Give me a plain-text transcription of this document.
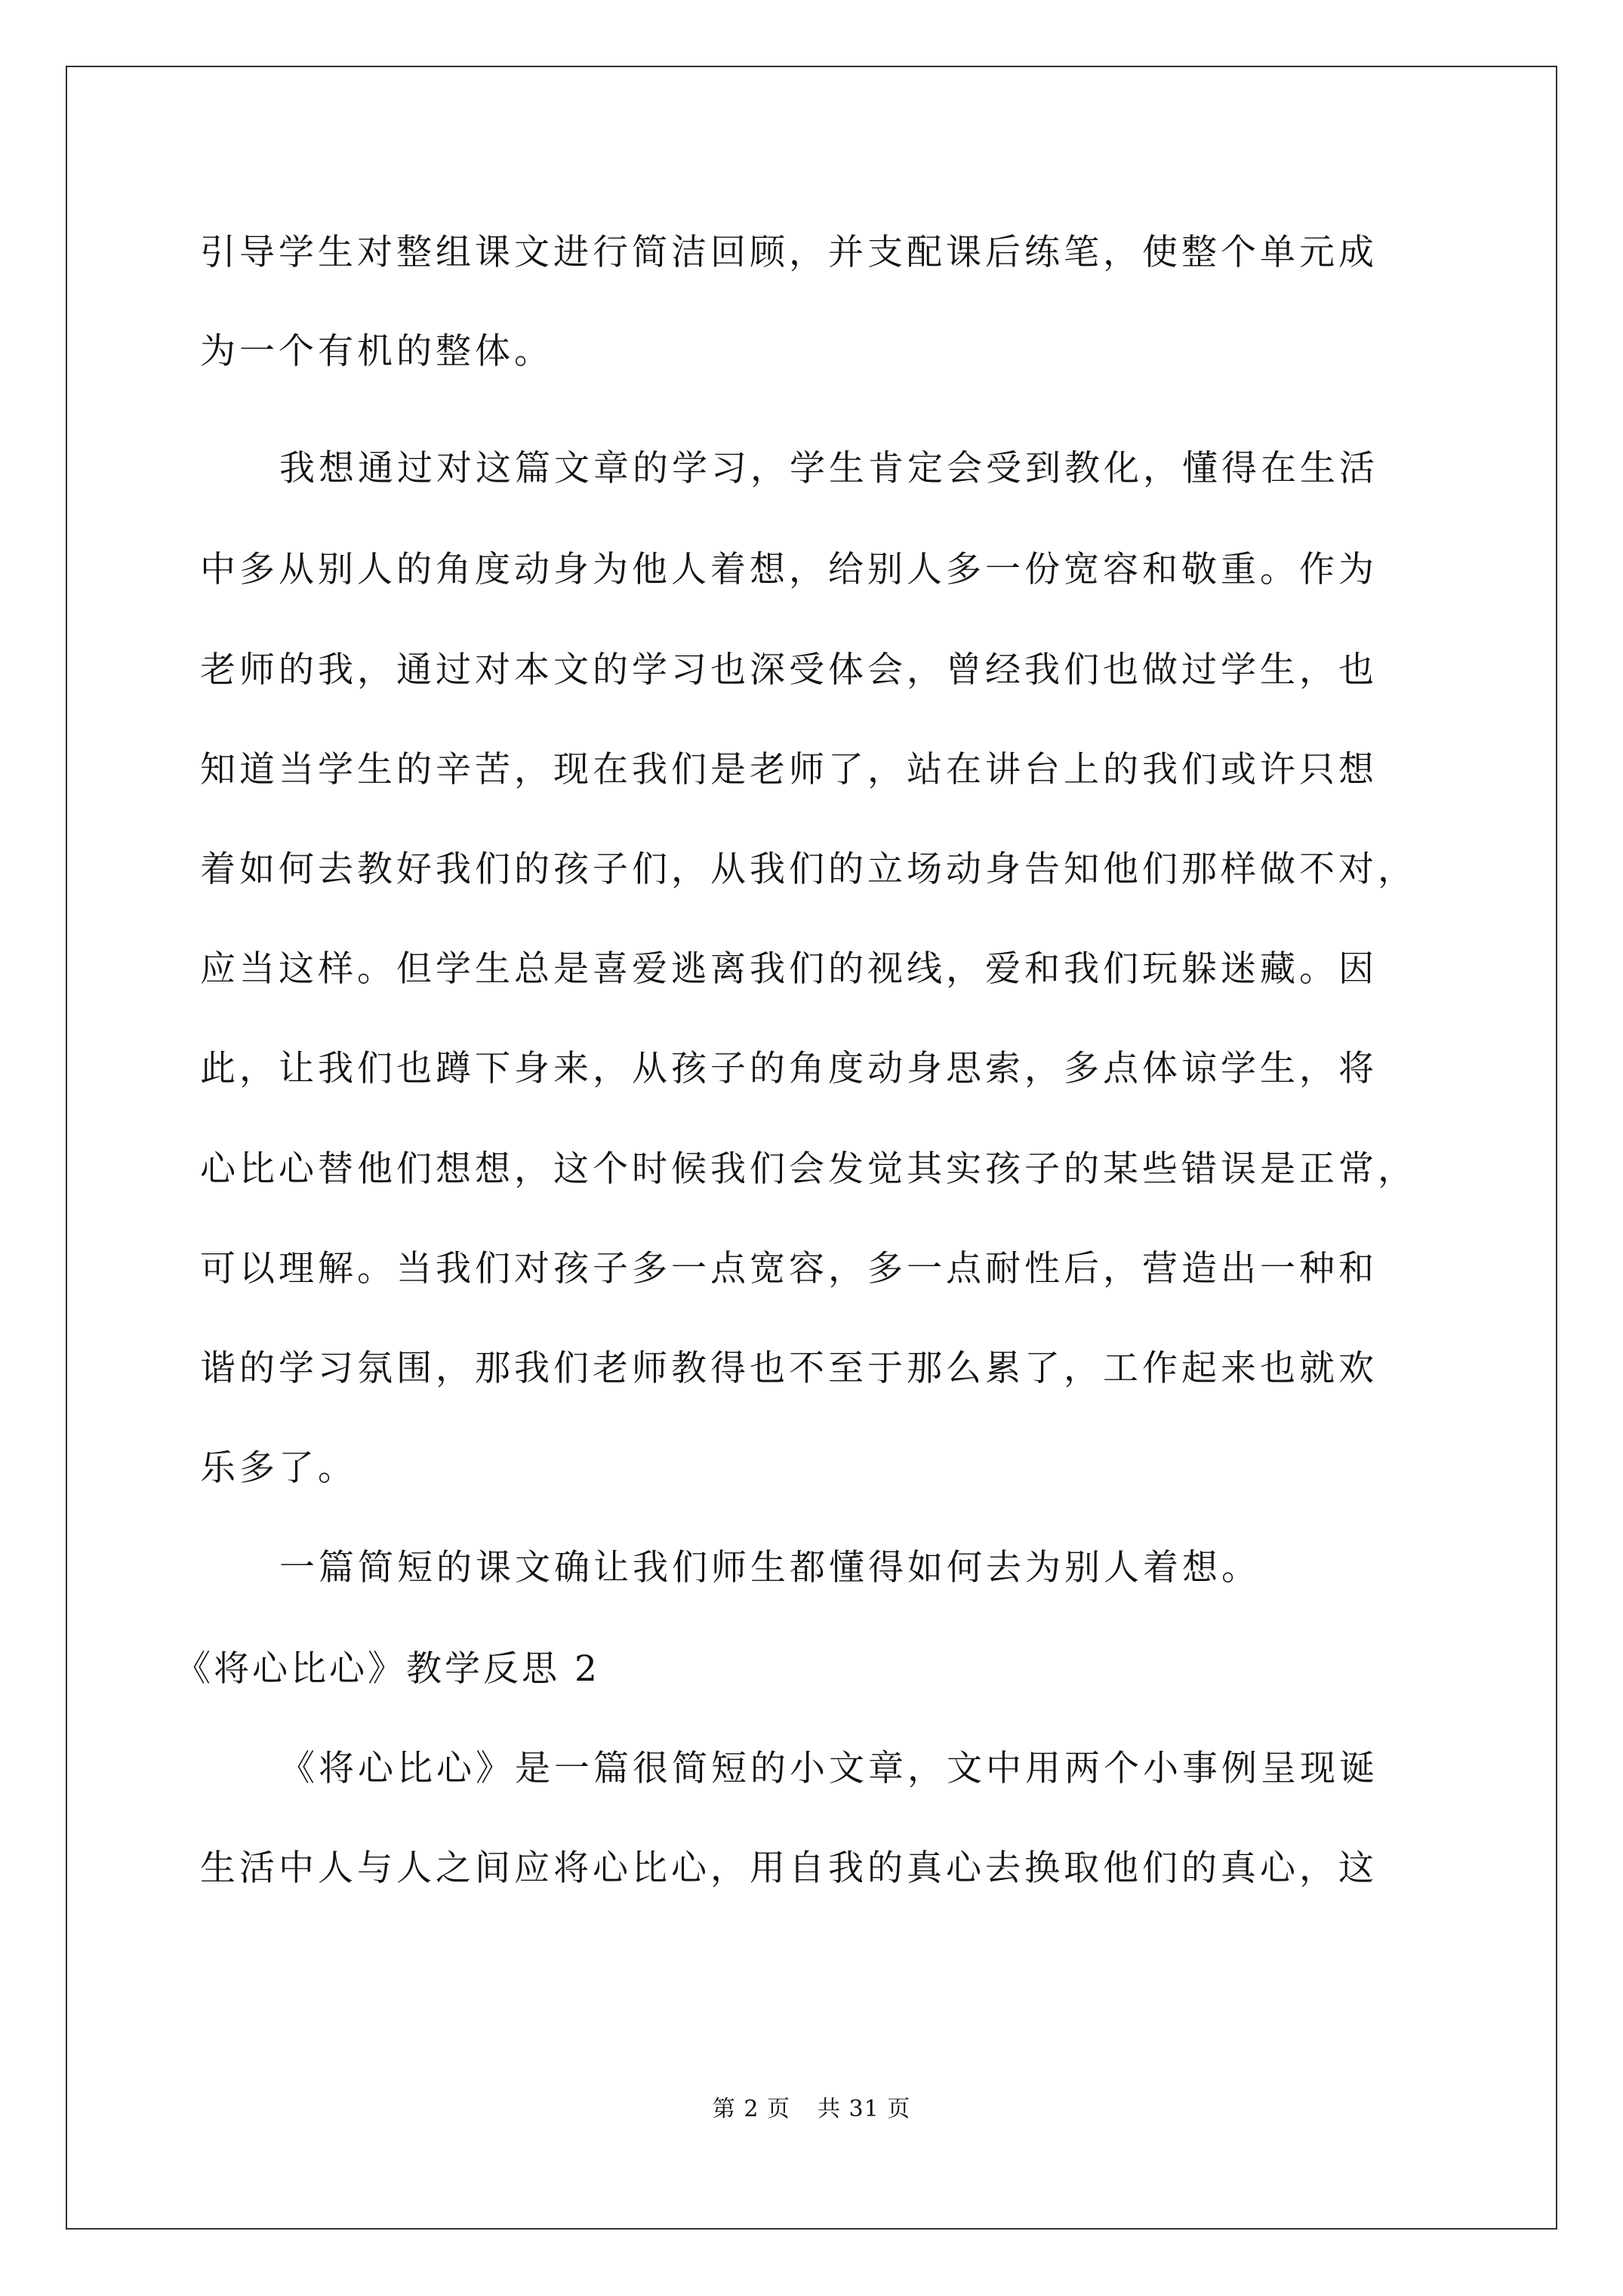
引导学生对整组课文进行简洁回顾，并支配课后练笔，使整个单元成
为一个有机的整体。
我想通过对这篇文章的学习，学生肯定会受到教化，懂得在生活
中多从别人的角度动身为他人着想，给别人多一份宽容和敬重。作为
老师的我，通过对本文的学习也深受体会，曾经我们也做过学生，也
知道当学生的辛苦，现在我们是老师了，站在讲台上的我们或许只想
着如何去教好我们的孩子们，从我们的立场动身告知他们那样做不对，
应当这样。但学生总是喜爱逃离我们的视线，爱和我们玩躲迷藏。因
此，让我们也蹲下身来，从孩子的角度动身思索，多点体谅学生，将
心比心替他们想想，这个时候我们会发觉其实孩子的某些错误是正常，
可以理解。当我们对孩子多一点宽容，多一点耐性后，营造出一种和
谐的学习氛围，那我们老师教得也不至于那么累了，工作起来也就欢
乐多了。
一篇简短的课文确让我们师生都懂得如何去为别人着想。
《将心比心》教学反思 2
《将心比心》是一篇很简短的小文章，文中用两个小事例呈现诞
生活中人与人之间应将心比心，用自我的真心去换取他们的真心，这
第 2 页 共 31 页
